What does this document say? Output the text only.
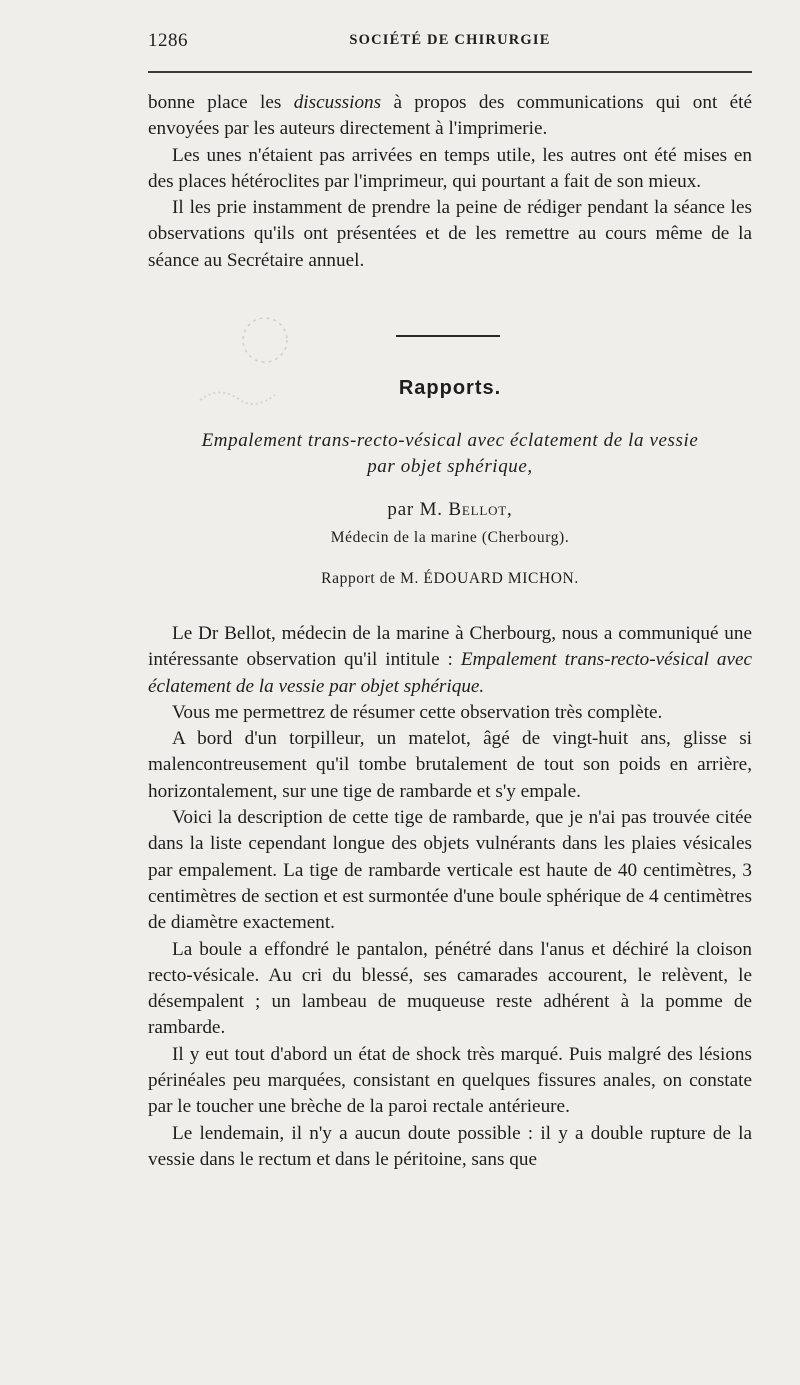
1286	SOCIÉTÉ DE CHIRURGIE

bonne place les discussions à propos des communications qui ont été envoyées par les auteurs directement à l'imprimerie.

Les unes n'étaient pas arrivées en temps utile, les autres ont été mises en des places hétéroclites par l'imprimeur, qui pourtant a fait de son mieux.

Il les prie instamment de prendre la peine de rédiger pendant la séance les observations qu'ils ont présentées et de les remettre au cours même de la séance au Secrétaire annuel.

Rapports.
Empalement trans-recto-vésical avec éclatement de la vessie
par objet sphérique,
par M. Bellot,
Médecin de la marine (Cherbourg).
Rapport de M. ÉDOUARD MICHON.

Le Dr Bellot, médecin de la marine à Cherbourg, nous a communiqué une intéressante observation qu'il intitule : Empalement trans-recto-vésical avec éclatement de la vessie par objet sphérique.

Vous me permettrez de résumer cette observation très complète.

A bord d'un torpilleur, un matelot, âgé de vingt-huit ans, glisse si malencontreusement qu'il tombe brutalement de tout son poids en arrière, horizontalement, sur une tige de rambarde et s'y empale.

Voici la description de cette tige de rambarde, que je n'ai pas trouvée citée dans la liste cependant longue des objets vulnérants dans les plaies vésicales par empalement. La tige de rambarde verticale est haute de 40 centimètres, 3 centimètres de section et est surmontée d'une boule sphérique de 4 centimètres de diamètre exactement.

La boule a effondré le pantalon, pénétré dans l'anus et déchiré la cloison recto-vésicale. Au cri du blessé, ses camarades accourent, le relèvent, le désempalent ; un lambeau de muqueuse reste adhérent à la pomme de rambarde.

Il y eut tout d'abord un état de shock très marqué. Puis malgré des lésions périnéales peu marquées, consistant en quelques fissures anales, on constate par le toucher une brèche de la paroi rectale antérieure.

Le lendemain, il n'y a aucun doute possible : il y a double rupture de la vessie dans le rectum et dans le péritoine, sans que
